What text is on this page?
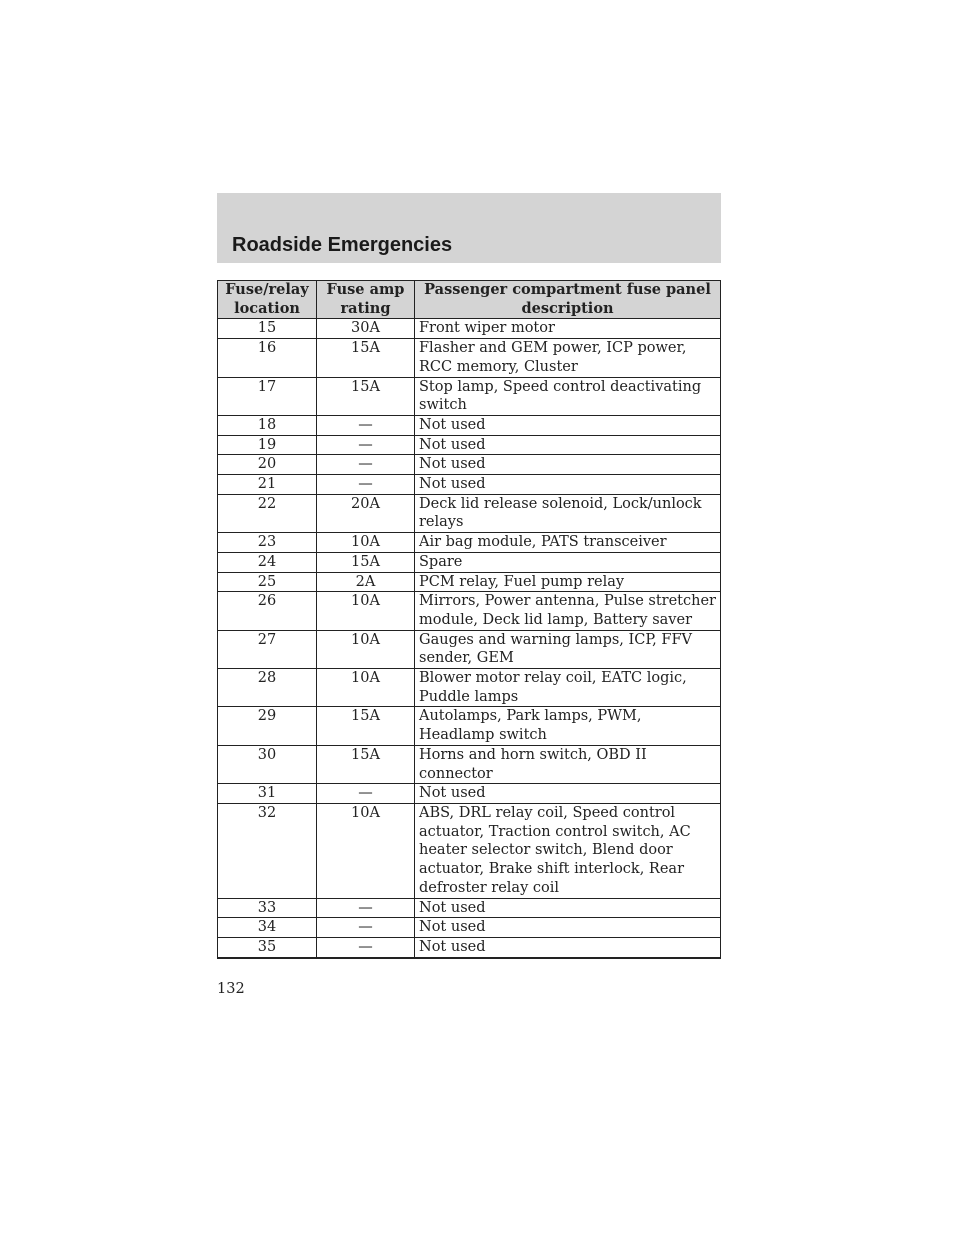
Roadside Emergencies
Fuse/relay location	Fuse amp rating	Passenger compartment fuse panel description
15	30A	Front wiper motor
16	15A	Flasher and GEM power, ICP power, RCC memory, Cluster
17	15A	Stop lamp, Speed control deactivating switch
18	—	Not used
19	—	Not used
20	—	Not used
21	—	Not used
22	20A	Deck lid release solenoid, Lock/unlock relays
23	10A	Air bag module, PATS transceiver
24	15A	Spare
25	2A	PCM relay, Fuel pump relay
26	10A	Mirrors, Power antenna, Pulse stretcher module, Deck lid lamp, Battery saver
27	10A	Gauges and warning lamps, ICP, FFV sender, GEM
28	10A	Blower motor relay coil, EATC logic, Puddle lamps
29	15A	Autolamps, Park lamps, PWM, Headlamp switch
30	15A	Horns and horn switch, OBD II connector
31	—	Not used
32	10A	ABS, DRL relay coil, Speed control actuator, Traction control switch, AC heater selector switch, Blend door actuator, Brake shift interlock, Rear defroster relay coil
33	—	Not used
34	—	Not used
35	—	Not used
132
